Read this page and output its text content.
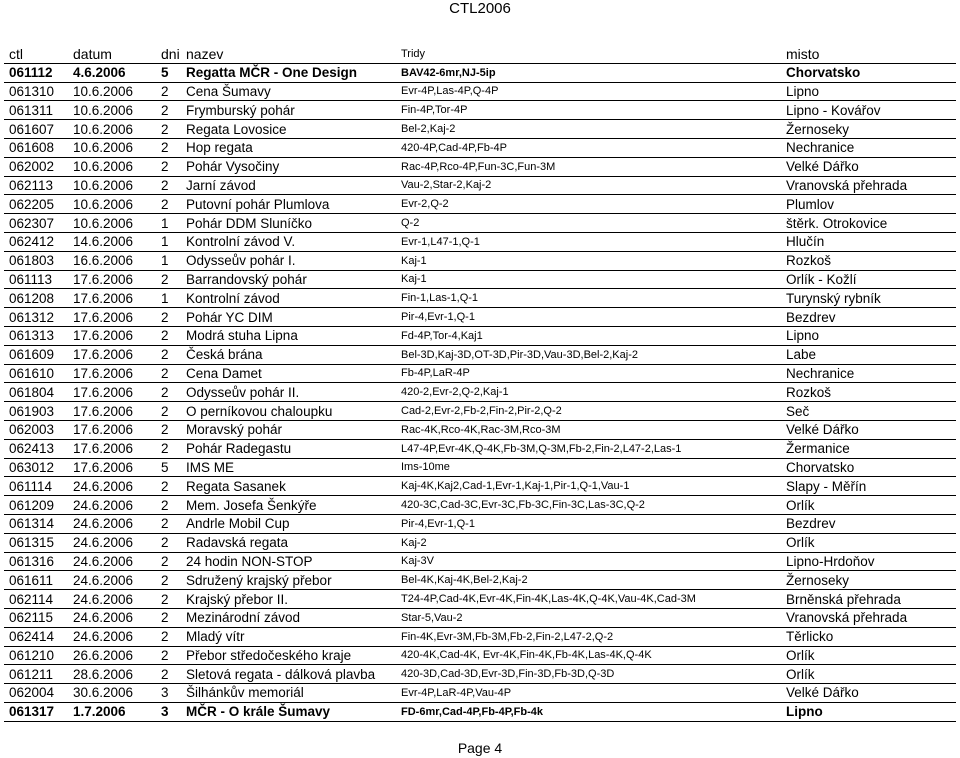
CTL2006
ctl	datum	dni	nazev	Tridy	misto
061112	4.6.2006	5	Regatta MČR - One Design	BAV42-6mr,NJ-5ip	Chorvatsko
061310	10.6.2006	2	Cena Šumavy	Evr-4P,Las-4P,Q-4P	Lipno
061311	10.6.2006	2	Frymburský pohár	Fin-4P,Tor-4P	Lipno - Kovářov
061607	10.6.2006	2	Regata Lovosice	Bel-2,Kaj-2	Žernoseky
061608	10.6.2006	2	Hop regata	420-4P,Cad-4P,Fb-4P	Nechranice
062002	10.6.2006	2	Pohár Vysočiny	Rac-4P,Rco-4P,Fun-3C,Fun-3M	Velké Dářko
062113	10.6.2006	2	Jarní závod	Vau-2,Star-2,Kaj-2	Vranovská přehrada
062205	10.6.2006	2	Putovní pohár Plumlova	Evr-2,Q-2	Plumlov
062307	10.6.2006	1	Pohár DDM Sluníčko	Q-2	štěrk. Otrokovice
062412	14.6.2006	1	Kontrolní závod V.	Evr-1,L47-1,Q-1	Hlučín
061803	16.6.2006	1	Odysseův pohár I.	Kaj-1	Rozkoš
061113	17.6.2006	2	Barrandovský pohár	Kaj-1	Orlík - Kožlí
061208	17.6.2006	1	Kontrolní závod	Fin-1,Las-1,Q-1	Turynský rybník
061312	17.6.2006	2	Pohár YC DIM	Pir-4,Evr-1,Q-1	Bezdrev
061313	17.6.2006	2	Modrá stuha Lipna	Fd-4P,Tor-4,Kaj1	Lipno
061609	17.6.2006	2	Česká brána	Bel-3D,Kaj-3D,OT-3D,Pir-3D,Vau-3D,Bel-2,Kaj-2	Labe
061610	17.6.2006	2	Cena Damet	Fb-4P,LaR-4P	Nechranice
061804	17.6.2006	2	Odysseův pohár II.	420-2,Evr-2,Q-2,Kaj-1	Rozkoš
061903	17.6.2006	2	O perníkovou chaloupku	Cad-2,Evr-2,Fb-2,Fin-2,Pir-2,Q-2	Seč
062003	17.6.2006	2	Moravský pohár	Rac-4K,Rco-4K,Rac-3M,Rco-3M	Velké Dářko
062413	17.6.2006	2	Pohár Radegastu	L47-4P,Evr-4K,Q-4K,Fb-3M,Q-3M,Fb-2,Fin-2,L47-2,Las-1	Žermanice
063012	17.6.2006	5	IMS ME	Ims-10me	Chorvatsko
061114	24.6.2006	2	Regata Sasanek	Kaj-4K,Kaj2,Cad-1,Evr-1,Kaj-1,Pir-1,Q-1,Vau-1	Slapy - Měřín
061209	24.6.2006	2	Mem. Josefa Šenkýře	420-3C,Cad-3C,Evr-3C,Fb-3C,Fin-3C,Las-3C,Q-2	Orlík
061314	24.6.2006	2	Andrle Mobil Cup	Pir-4,Evr-1,Q-1	Bezdrev
061315	24.6.2006	2	Radavská regata	Kaj-2	Orlík
061316	24.6.2006	2	24 hodin NON-STOP	Kaj-3V	Lipno-Hrdoňov
061611	24.6.2006	2	Sdružený krajský přebor	Bel-4K,Kaj-4K,Bel-2,Kaj-2	Žernoseky
062114	24.6.2006	2	Krajský přebor II.	T24-4P,Cad-4K,Evr-4K,Fin-4K,Las-4K,Q-4K,Vau-4K,Cad-3M	Brněnská přehrada
062115	24.6.2006	2	Mezinárodní závod	Star-5,Vau-2	Vranovská přehrada
062414	24.6.2006	2	Mladý vítr	Fin-4K,Evr-3M,Fb-3M,Fb-2,Fin-2,L47-2,Q-2	Těrlicko
061210	26.6.2006	2	Přebor středočeského kraje	420-4K,Cad-4K, Evr-4K,Fin-4K,Fb-4K,Las-4K,Q-4K	Orlík
061211	28.6.2006	2	Sletová regata - dálková plavba	420-3D,Cad-3D,Evr-3D,Fin-3D,Fb-3D,Q-3D	Orlík
062004	30.6.2006	3	Šilhánkův memoriál	Evr-4P,LaR-4P,Vau-4P	Velké Dářko
061317	1.7.2006	3	MČR - O krále Šumavy	FD-6mr,Cad-4P,Fb-4P,Fb-4k	Lipno
Page 4
